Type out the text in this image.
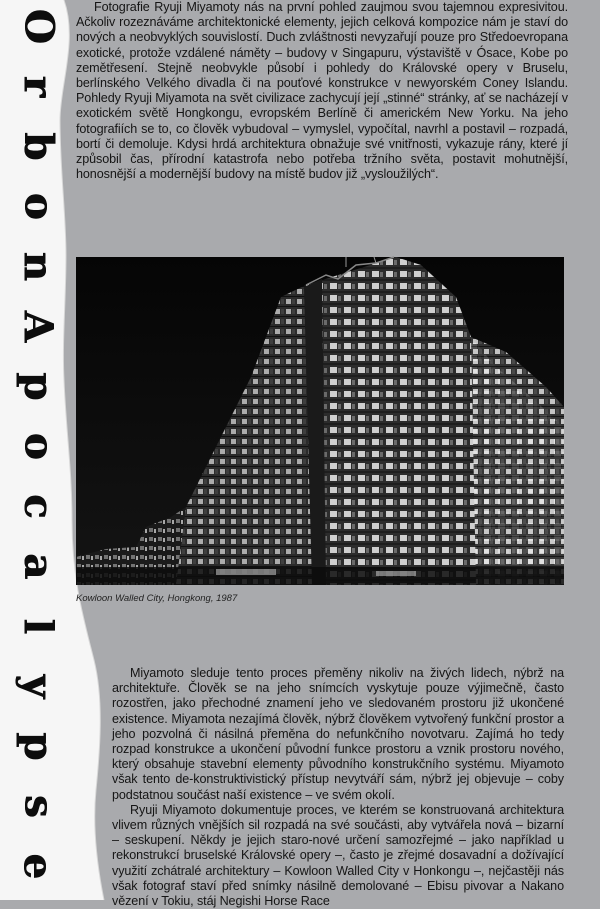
O
r
b
o
n
A
p
o
c
a
l
y
p
s
e

Fotografie Ryuji Miyamoty nás na první pohled zaujmou svou tajemnou expresivitou. Ačkoliv rozeznáváme architektonické elementy, jejich celková kompozice nám je staví do nových a neobvyklých souvislostí. Duch zvláštnosti nevyzařují pouze pro Středoevropana exotické, protože vzdálené náměty – budovy v Singapuru, výstaviště v Ósace, Kobe po zemětřesení. Stejně neobvykle působí i pohledy do Královské opery v Bruselu, berlínského Velkého divadla či na pouťové konstrukce v newyorském Coney Islandu. Pohledy Ryuji Miyamota na svět civilizace zachycují její „stinné“ stránky, ať se nacházejí v exotickém světě Hongkongu, evropském Berlíně či americkém New Yorku. Na jeho fotografiích se to, co člověk vybudoval – vymyslel, vypočítal, navrhl a postavil – rozpadá, bortí či demoluje. Kdysi hrdá architektura obnažuje své vnitřnosti, vykazuje rány, které jí způsobil čas, přírodní katastrofa nebo potřeba tržního světa, postavit mohutnější, honosnější a modernější budovy na místě budov již „vysloužilých“.

Kowloon Walled City, Hongkong, 1987

Miyamoto sleduje tento proces přeměny nikoliv na živých lidech, nýbrž na architektuře. Člověk se na jeho snímcích vyskytuje pouze výjimečně, často rozostřen, jako přechodné znamení jeho ve sledovaném prostoru již ukončené existence. Miyamota nezajímá člověk, nýbrž člověkem vytvořený funkční prostor a jeho pozvolná či násilná přeměna do nefunkčního novotvaru. Zajímá ho tedy rozpad konstrukce a ukončení původní funkce prostoru a vznik prostoru nového, který obsahuje stavební elementy původního konstrukčního systému. Miyamoto však tento de-konstruktivistický přístup nevytváří sám, nýbrž jej objevuje – coby podstatnou součást naší existence – ve svém okolí.

Ryuji Miyamoto dokumentuje proces, ve kterém se konstruovaná architektura vlivem různých vnějších sil rozpadá na své součásti, aby vytvářela nová – bizarní – seskupení. Někdy je jejich staro-nové určení samozřejmé – jako například u rekonstrukcí bruselské Královské opery –, často je zřejmé dosavadní a dožívající využití zchátralé architektury – Kowloon Walled City v Honkongu –, nejčastěji nás však fotograf staví před snímky násilně demolované – Ebisu pivovar a Nakano vězení v Tokiu, stáj Negishi Horse Race
